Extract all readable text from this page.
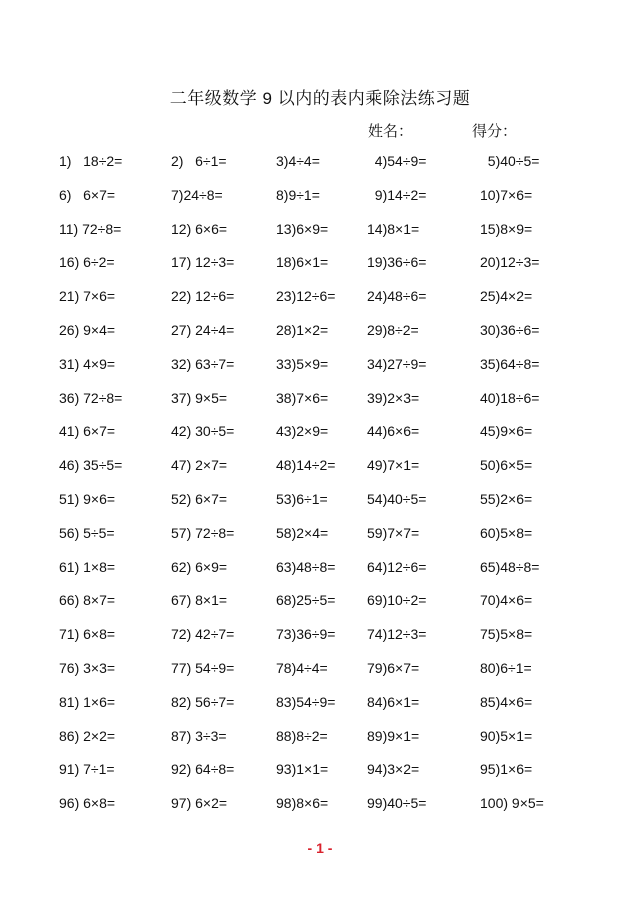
二年级数学 9 以内的表内乘除法练习题
姓名：	得分：
1)   18÷2=	2)   6÷1=	3)4÷4=	4)54÷9=	5)40÷5=
6)   6×7=	7)24÷8=	8)9÷1=	9)14÷2=	10)7×6=
11) 72÷8=	12) 6×6=	13)6×9=	14)8×1=	15)8×9=
16) 6÷2=	17) 12÷3=	18)6×1=	19)36÷6=	20)12÷3=
21) 7×6=	22) 12÷6=	23)12÷6= 24)48÷6=	25)4×2=
26) 9×4=	27) 24÷4=	28)1×2=	29)8÷2=	30)36÷6=
31) 4×9=	32) 63÷7=	33)5×9=	34)27÷9=	35)64÷8=
36) 72÷8=	37) 9×5=	38)7×6=	39)2×3=	40)18÷6=
41) 6×7=	42) 30÷5=	43)2×9=	44)6×6=	45)9×6=
46) 35÷5=	47) 2×7=	48)14÷2= 49)7×1=	50)6×5=
51) 9×6=	52) 6×7=	53)6÷1=	54)40÷5=	55)2×6=
56) 5÷5=	57) 72÷8=	58)2×4=	59)7×7=	60)5×8=
61) 1×8=	62) 6×9=	63)48÷8= 64)12÷6=	65)48÷8=
66) 8×7=	67) 8×1=	68)25÷5= 69)10÷2=	70)4×6=
71) 6×8=	72) 42÷7=	73)36÷9= 74)12÷3=	75)5×8=
76) 3×3=	77) 54÷9=	78)4÷4=	79)6×7=	80)6÷1=
81) 1×6=	82) 56÷7=	83)54÷9= 84)6×1=	85)4×6=
86) 2×2=	87) 3÷3=	88)8÷2=	89)9×1=	90)5×1=
91) 7÷1=	92) 64÷8=	93)1×1=	94)3×2=	95)1×6=
96) 6×8=	97) 6×2=	98)8×6=	99)40÷5=	100) 9×5=
- 1 -
